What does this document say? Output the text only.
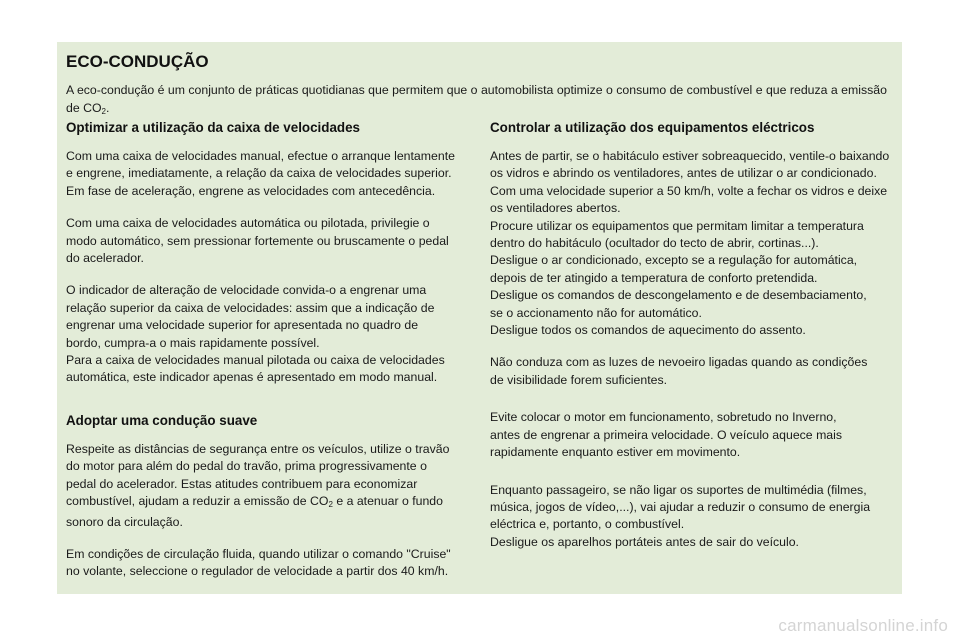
ECO-CONDUÇÃO

A eco-condução é um conjunto de práticas quotidianas que permitem que o automobilista optimize o consumo de combustível e que reduza a emissão de $CO_2$.

Optimizar a utilização da caixa de velocidades

Com uma caixa de velocidades manual, efectue o arranque lentamente
e engrene, imediatamente, a relação da caixa de velocidades superior.
Em fase de aceleração, engrene as velocidades com antecedência.

Com uma caixa de velocidades automática ou pilotada, privilegie o
modo automático, sem pressionar fortemente ou bruscamente o pedal
do acelerador.

O indicador de alteração de velocidade convida-o a engrenar uma
relação superior da caixa de velocidades: assim que a indicação de
engrenar uma velocidade superior for apresentada no quadro de
bordo, cumpra-a o mais rapidamente possível.
Para a caixa de velocidades manual pilotada ou caixa de velocidades
automática, este indicador apenas é apresentado em modo manual.

Adoptar uma condução suave

Respeite as distâncias de segurança entre os veículos, utilize o travão
do motor para além do pedal do travão, prima progressivamente o
pedal do acelerador. Estas atitudes contribuem para economizar
combustível, ajudam a reduzir a emissão de $CO_2$ e a atenuar o fundo
sonoro da circulação.

Em condições de circulação fluida, quando utilizar o comando "Cruise"
no volante, seleccione o regulador de velocidade a partir dos 40 km/h.

Controlar a utilização dos equipamentos eléctricos

Antes de partir, se o habitáculo estiver sobreaquecido, ventile-o baixando
os vidros e abrindo os ventiladores, antes de utilizar o ar condicionado.
Com uma velocidade superior a 50 km/h, volte a fechar os vidros e deixe
os ventiladores abertos.
Procure utilizar os equipamentos que permitam limitar a temperatura
dentro do habitáculo (ocultador do tecto de abrir, cortinas...).
Desligue o ar condicionado, excepto se a regulação for automática,
depois de ter atingido a temperatura de conforto pretendida.
Desligue os comandos de descongelamento e de desembaciamento,
se o accionamento não for automático.
Desligue todos os comandos de aquecimento do assento.

Não conduza com as luzes de nevoeiro ligadas quando as condições
de visibilidade forem suficientes.

Evite colocar o motor em funcionamento, sobretudo no Inverno,
antes de engrenar a primeira velocidade. O veículo aquece mais
rapidamente enquanto estiver em movimento.

Enquanto passageiro, se não ligar os suportes de multimédia (filmes,
música, jogos de vídeo,...), vai ajudar a reduzir o consumo de energia
eléctrica e, portanto, o combustível.
Desligue os aparelhos portáteis antes de sair do veículo.

carmanualsonline.info
